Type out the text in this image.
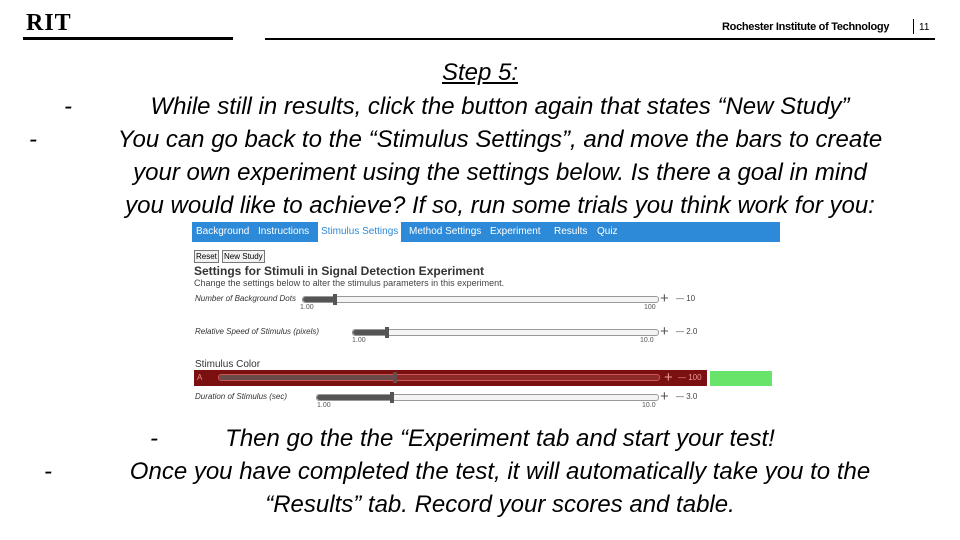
RIT	Rochester Institute of Technology	11
Step 5:
-	While still in results, click the button again that states “New Study”
-	You can go back to the “Stimulus Settings”, and move the bars to create
your own experiment using the settings below. Is there a goal in mind
you would like to achieve? If so, run some trials you think work for you:
Background Instructions	Stimulus Settings Method Settings Experiment Results Quiz
Reset New Study
Settings for Stimuli in Signal Detection Experiment
Change the settings below to alter the stimulus parameters in this experiment.
Number of Background Dots
1.00	100
+ — 10
Relative Speed of Stimulus (pixels)
1.00	10.0
+ — 2.0
Stimulus Color
A	+ — 100
Duration of Stimulus (sec)
1.00	10.0
+ — 3.0
-	Then go the the “Experiment tab and start your test!
-	Once you have completed the test, it will automatically take you to the
“Results” tab. Record your scores and table.
